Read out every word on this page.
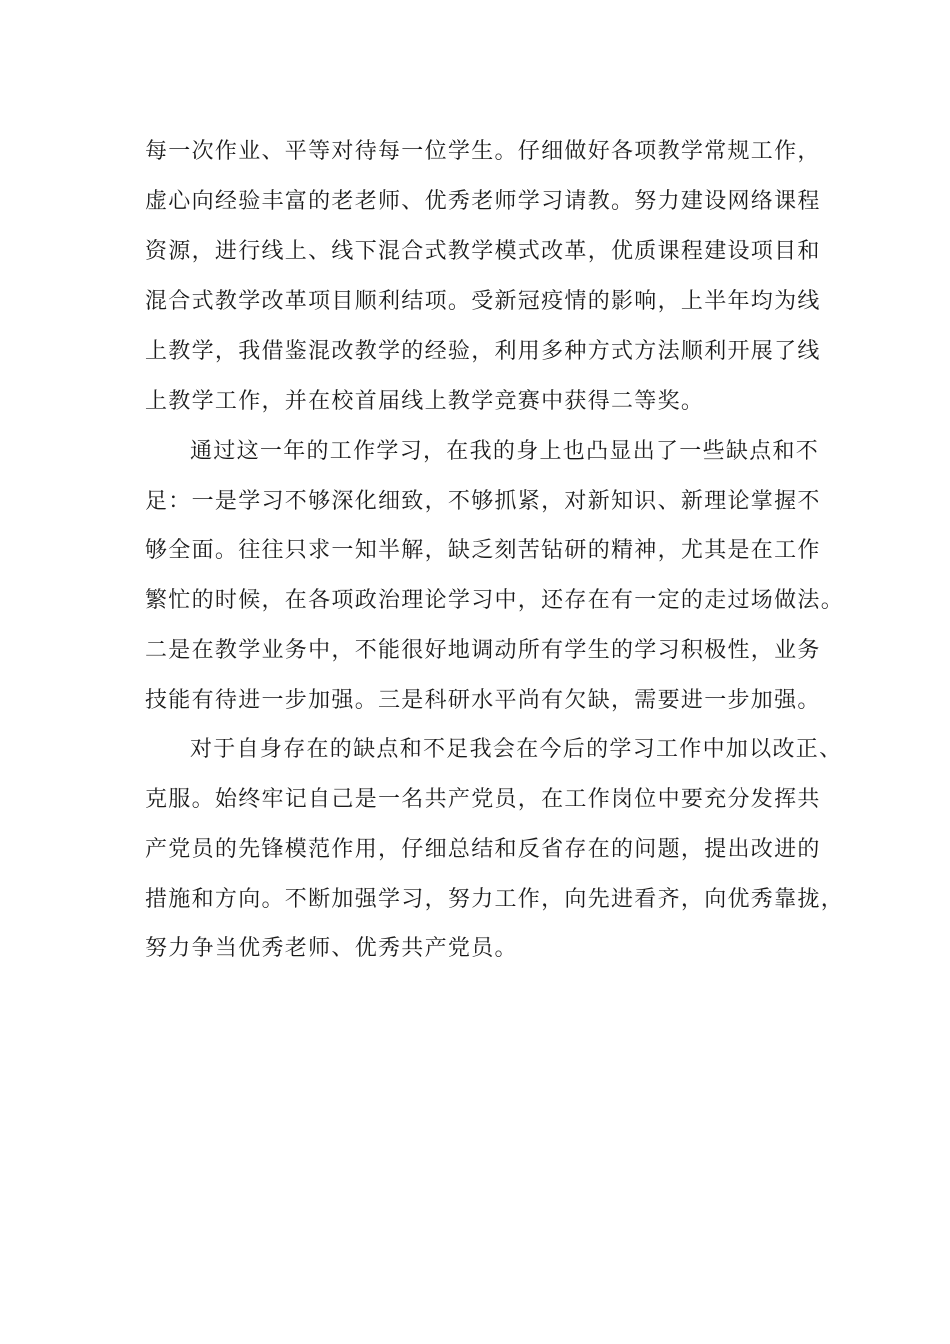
每一次作业、平等对待每一位学生。仔细做好各项教学常规工作，
虚心向经验丰富的老老师、优秀老师学习请教。努力建设网络课程
资源，进行线上、线下混合式教学模式改革，优质课程建设项目和
混合式教学改革项目顺利结项。受新冠疫情的影响，上半年均为线
上教学，我借鉴混改教学的经验，利用多种方式方法顺利开展了线
上教学工作，并在校首届线上教学竞赛中获得二等奖。
通过这一年的工作学习，在我的身上也凸显出了一些缺点和不
足：一是学习不够深化细致，不够抓紧，对新知识、新理论掌握不
够全面。往往只求一知半解，缺乏刻苦钻研的精神，尤其是在工作
繁忙的时候，在各项政治理论学习中，还存在有一定的走过场做法。
二是在教学业务中，不能很好地调动所有学生的学习积极性，业务
技能有待进一步加强。三是科研水平尚有欠缺，需要进一步加强。
对于自身存在的缺点和不足我会在今后的学习工作中加以改正、
克服。始终牢记自己是一名共产党员，在工作岗位中要充分发挥共
产党员的先锋模范作用，仔细总结和反省存在的问题，提出改进的
措施和方向。不断加强学习，努力工作，向先进看齐，向优秀靠拢，
努力争当优秀老师、优秀共产党员。
